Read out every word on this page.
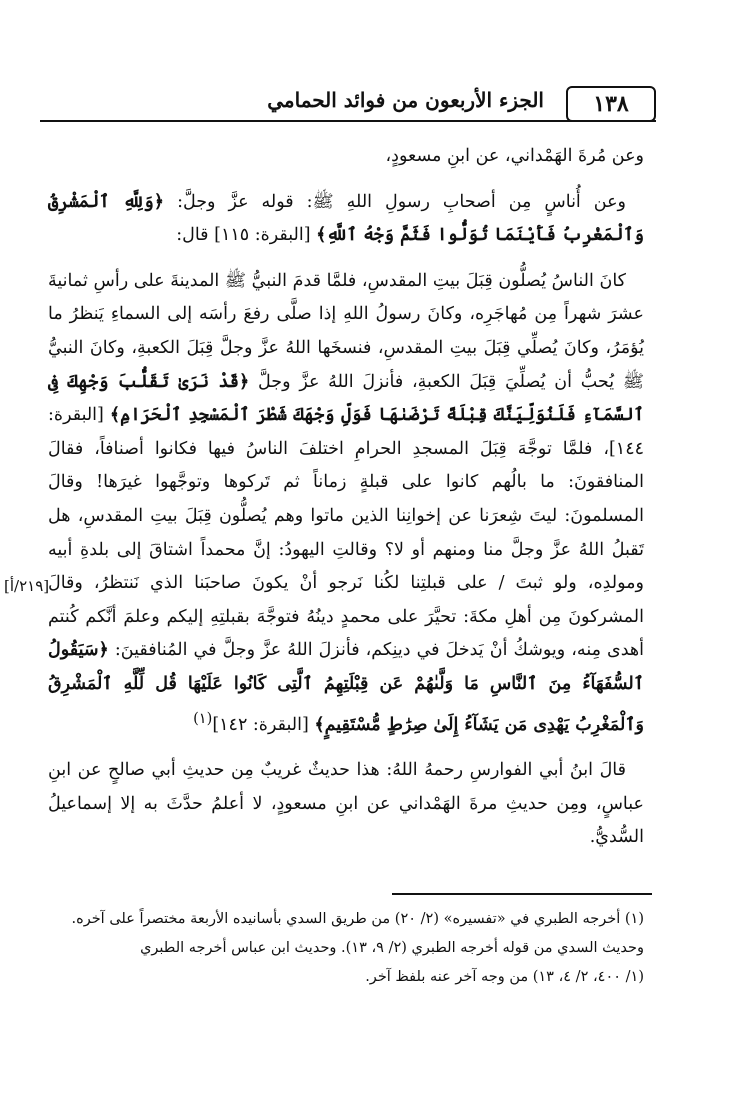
١٣٨
الجزء الأربعون من فوائد الحمامي

وعن مُرةَ الهَمْداني، عن ابنِ مسعودٍ،

وعن أُناسٍ مِن أصحابِ رسولِ اللهِ ﷺ: قوله عزَّ وجلَّ: ﴿وَلِلَّهِ ٱلْمَشْرِقُ وَٱلْمَغْرِبُ فَأَيْنَمَا تُوَلُّوا فَثَمَّ وَجْهُ ٱللَّهِ﴾ [البقرة: ١١٥] قال:

كانَ الناسُ يُصلُّون قِبَلَ بيتِ المقدسِ، فلمَّا قدمَ النبيُّ ﷺ المدينةَ على رأسِ ثمانيةَ عشرَ شهراً مِن مُهاجَرِه، وكانَ رسولُ اللهِ إذا صلَّى رفعَ رأسَه إلى السماءِ يَنظرُ ما يُؤمَرُ، وكانَ يُصلِّي قِبَلَ بيتِ المقدسِ، فنسخَها اللهُ عزَّ وجلَّ قِبَلَ الكعبةِ، وكانَ النبيُّ ﷺ يُحبُّ أن يُصلِّيَ قِبَلَ الكعبةِ، فأنزلَ اللهُ عزَّ وجلَّ ﴿قَدْ نَرَىٰ تَقَلُّبَ وَجْهِكَ فِى ٱلسَّمَآءِ فَلَنُوَلِّيَنَّكَ قِبْلَةً تَرْضَىٰهَا فَوَلِّ وَجْهَكَ شَطْرَ ٱلْمَسْجِدِ ٱلْحَرَامِ﴾ [البقرة: ١٤٤]، فلمَّا توجَّهَ قِبَلَ المسجدِ الحرامِ اختلفَ الناسُ فيها فكانوا أصنافاً، فقالَ المنافقونَ: ما بالُهم كانوا على قبلةٍ زماناً ثم تَركوها وتوجَّهوا غيرَها! وقالَ المسلمونَ: ليتَ شِعرَنا عن إخوانِنا الذين ماتوا وهم يُصلُّون قِبَلَ بيتِ المقدسِ، هل تَقبلُ اللهُ عزَّ وجلَّ منا ومنهم أو لا؟ وقالتِ اليهودُ: إنَّ محمداً اشتاقَ إلى بلدةِ أبيه ومولدِه، ولو ثبتَ / على قبلتِنا لكُنا نَرجو أنْ يكونَ صاحبَنا الذي نَنتظرُ، وقالَ المشركونَ مِن أهلِ مكةَ: تحيَّرَ على محمدٍ دينُهُ فتوجَّهَ بقبلتِهِ إليكم وعلمَ أنَّكم كُنتم أهدى مِنه، ويوشكُ أنْ يَدخلَ في دينِكم، فأنزلَ اللهُ عزَّ وجلَّ في المُنافقينَ: ﴿سَيَقُولُ ٱلسُّفَهَآءُ مِنَ ٱلنَّاسِ مَا وَلَّىٰهُمْ عَن قِبْلَتِهِمُ ٱلَّتِى كَانُوا عَلَيْهَا قُل لِّلَّهِ ٱلْمَشْرِقُ وَٱلْمَغْرِبُ يَهْدِى مَن يَشَآءُ إِلَىٰ صِرَٰطٍ مُّسْتَقِيمٍ﴾ [البقرة: ١٤٢]$^{(١)}$

قالَ ابنُ أبي الفوارسِ رحمهُ اللهُ: هذا حديثٌ غريبٌ مِن حديثِ أبي صالحٍ عن ابنِ عباسٍ، ومِن حديثِ مرةَ الهَمْداني عن ابنِ مسعودٍ، لا أعلمُ حدَّثَ به إلا إسماعيلُ السُّديُّ.

[٢١٩/أ]

(١) أخرجه الطبري في «تفسيره» (٢/ ٢٠) من طريق السدي بأسانيده الأربعة مختصراً على آخره.

وحديث السدي من قوله أخرجه الطبري (٢/ ٩، ١٣). وحديث ابن عباس أخرجه الطبري

(١/ ٤٠٠، ٢/ ٤، ١٣) من وجه آخر عنه بلفظ آخر.
